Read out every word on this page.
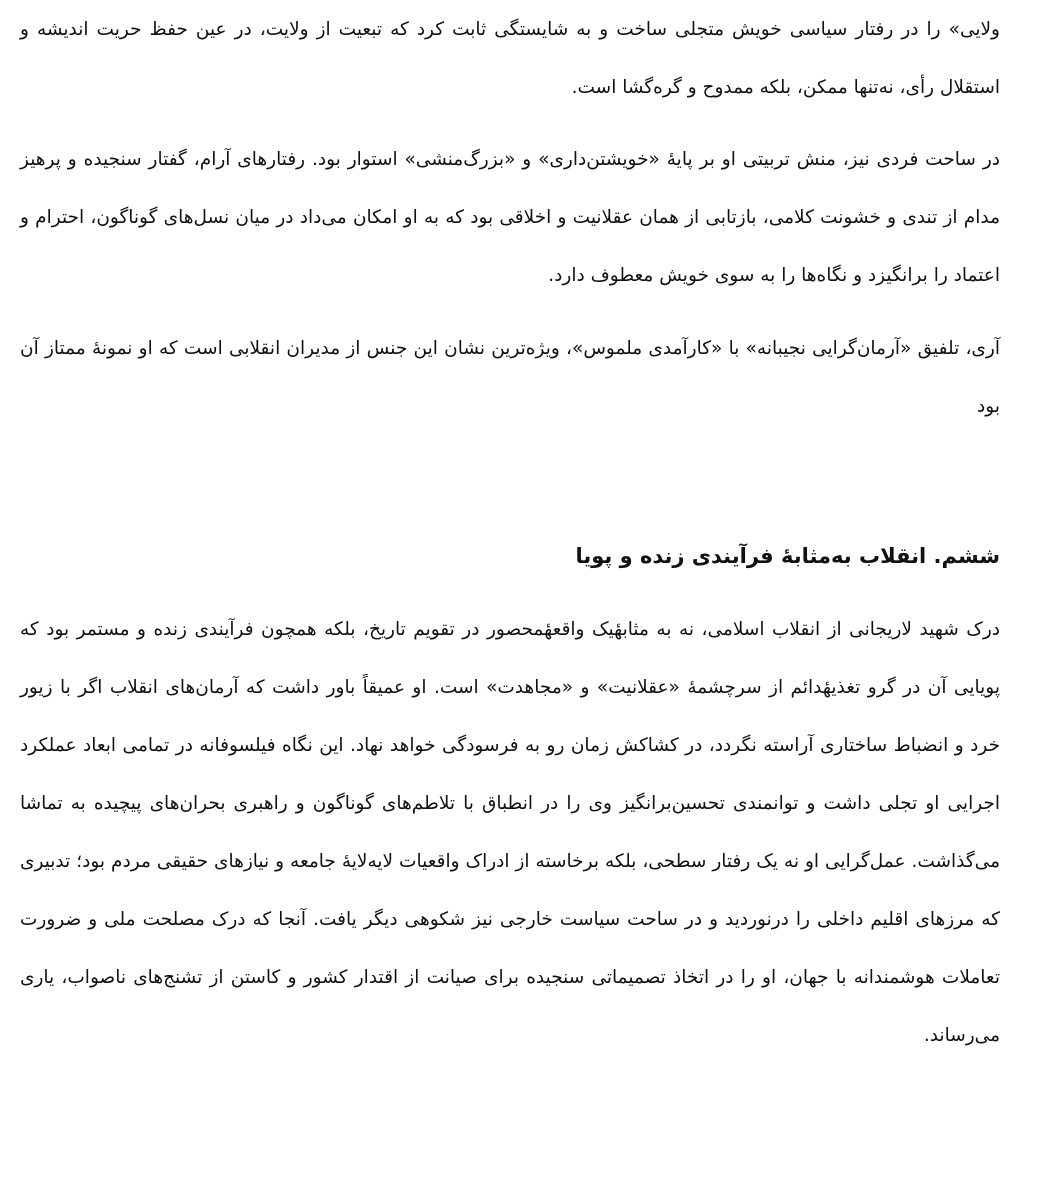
ولایی» را در رفتار سیاسی خویش متجلی ساخت و به شایستگی ثابت کرد که تبعیت از ولایت، در عین حفظ حریت اندیشه و استقلال رأی، نه‌تنها ممکن، بلکه ممدوح و گره‌گشا است.

در ساحت فردی نیز، منش تربیتی او بر پایهٔ «خویشتن‌داری» و «بزرگ‌منشی» استوار بود. رفتارهای آرام، گفتار سنجیده و پرهیز مدام از تندی و خشونت کلامی، بازتابی از همان عقلانیت و اخلاقی بود که به او امکان می‌داد در میان نسل‌های گوناگون، احترام و اعتماد را برانگیزد و نگاه‌ها را به سوی خویش معطوف دارد.

آری، تلفیق «آرمان‌گرایی نجیبانه» با «کارآمدی ملموس»، ویژه‌ترین نشان این جنس از مدیران انقلابی است که او نمونهٔ ممتاز آن بود

ششم. انقلاب به‌مثابهٔ فرآیندی زنده و پویا

درک شهید لاریجانی از انقلاب اسلامی، نه به مثابهٔیک واقعهٔمحصور در تقویم تاریخ، بلکه همچون فرآیندی زنده و مستمر بود که پویایی آن در گرو تغذیهٔدائم از سرچشمهٔ «عقلانیت» و «مجاهدت» است. او عمیقاً باور داشت که آرمان‌های انقلاب اگر با زیور خرد و انضباط ساختاری آراسته نگردد، در کشاکش زمان رو به فرسودگی خواهد نهاد. این نگاه فیلسوفانه در تمامی ابعاد عملکرد اجرایی او تجلی داشت و توانمندی تحسین‌برانگیز وی را در انطباق با تلاطم‌های گوناگون و راهبری بحران‌های پیچیده به تماشا می‌گذاشت. عمل‌گرایی او نه یک رفتار سطحی، بلکه برخاسته از ادراک واقعیات لایه‌لایهٔ جامعه و نیازهای حقیقی مردم بود؛ تدبیری که مرزهای اقلیم داخلی را درنوردید و در ساحت سیاست خارجی نیز شکوهی دیگر یافت. آنجا که درک مصلحت ملی و ضرورت تعاملات هوشمندانه با جهان، او را در اتخاذ تصمیماتی سنجیده برای صیانت از اقتدار کشور و کاستن از تشنج‌های ناصواب، یاری می‌رساند.
